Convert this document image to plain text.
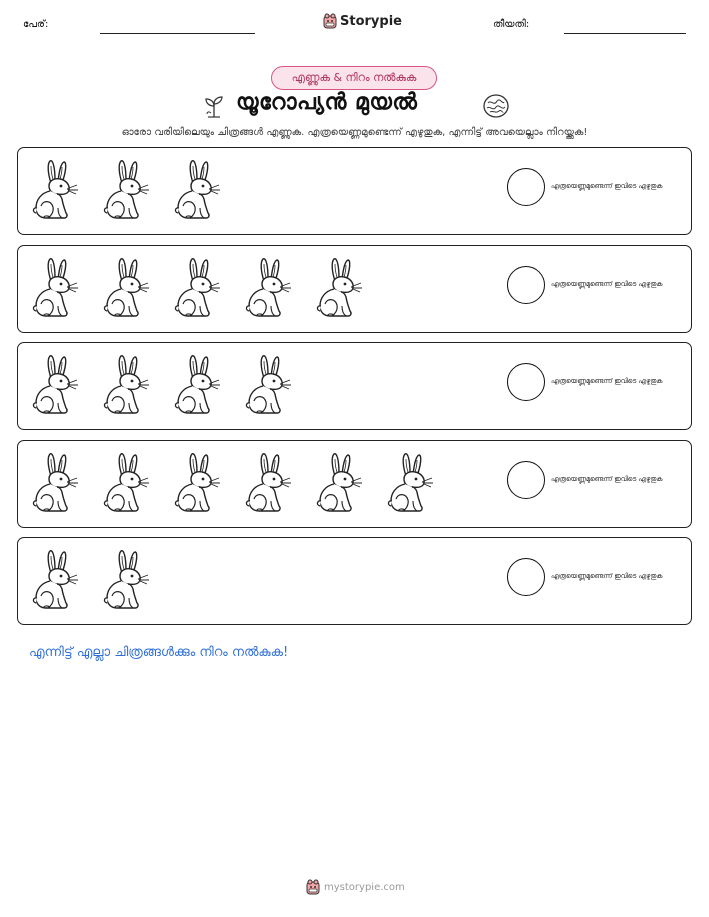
പേര്:	Storypie	തീയതി:
എണ്ണുക & നിറം നൽകുക
യൂറോപ്യൻ മുയൽ
ഓരോ വരിയിലെയും ചിത്രങ്ങൾ എണ്ണുക. എത്രയെണ്ണമുണ്ടെന്ന് എഴുതുക, എന്നിട്ട് അവയെല്ലാം നിറയ്ക്കുക!
എത്രയെണ്ണമുണ്ടെന്ന് ഇവിടെ എഴുതുക
എത്രയെണ്ണമുണ്ടെന്ന് ഇവിടെ എഴുതുക
എത്രയെണ്ണമുണ്ടെന്ന് ഇവിടെ എഴുതുക
എത്രയെണ്ണമുണ്ടെന്ന് ഇവിടെ എഴുതുക
എത്രയെണ്ണമുണ്ടെന്ന് ഇവിടെ എഴുതുക
എന്നിട്ട് എല്ലാ ചിത്രങ്ങൾക്കും നിറം നൽകുക!
mystorypie.com
